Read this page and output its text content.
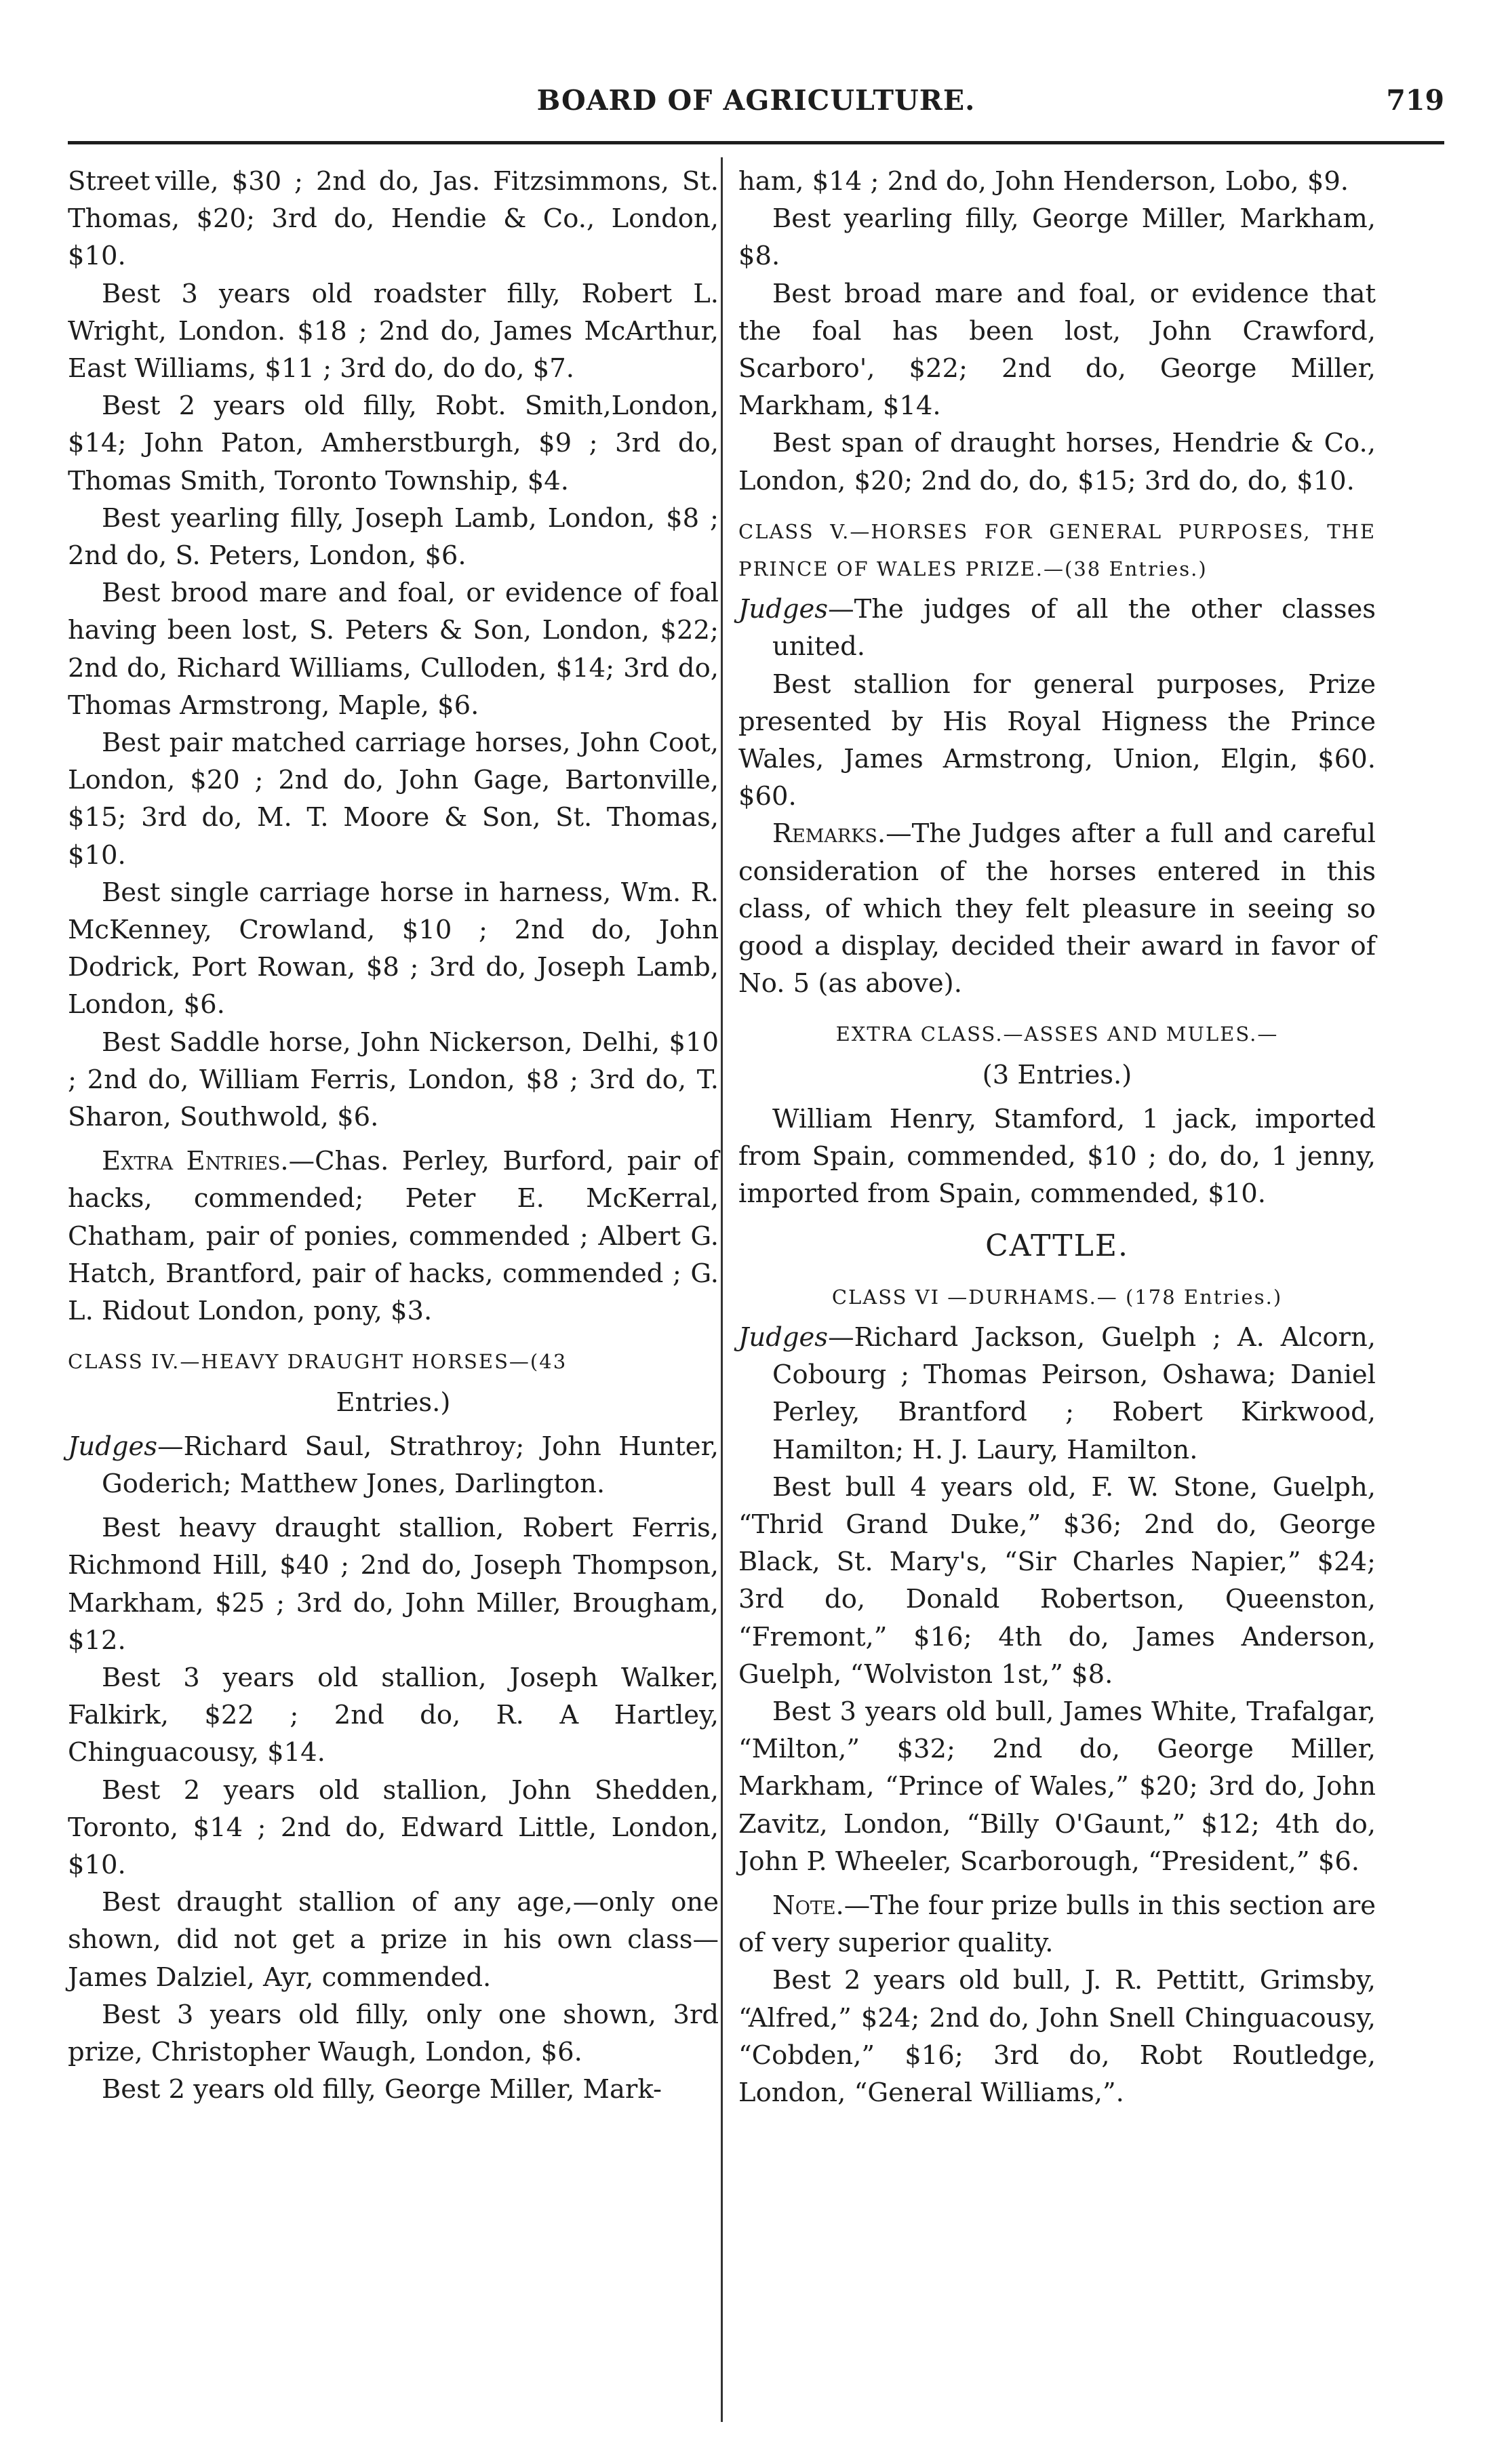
BOARD OF AGRICULTURE.	719

Street  ville, $30 ; 2nd do, Jas. Fitzsimmons, St. Thomas, $20; 3rd do, Hendie & Co., London, $10.

Best 3 years old roadster filly, Robert L. Wright, London. $18 ; 2nd do, James McArthur, East Williams, $11 ; 3rd do, do do, $7.

Best 2 years old filly, Robt. Smith,London, $14; John Paton, Amherstburgh, $9 ; 3rd do, Thomas Smith, Toronto Township, $4.

Best yearling filly, Joseph Lamb, London, $8 ; 2nd do, S. Peters, London, $6.

Best brood mare and foal, or evidence of foal having been lost, S. Peters & Son, London, $22; 2nd do, Richard Williams, Culloden, $14; 3rd do, Thomas Armstrong, Maple, $6.

Best pair matched carriage horses, John Coot, London, $20 ; 2nd do, John Gage, Bartonville, $15; 3rd do, M. T. Moore & Son, St. Thomas, $10.

Best single carriage horse in harness, Wm. R. McKenney, Crowland, $10 ; 2nd do, John Dodrick, Port Rowan, $8 ; 3rd do, Joseph Lamb, London, $6.

Best Saddle horse, John Nickerson, Delhi, $10 ; 2nd do, William Ferris, London, $8 ; 3rd do, T. Sharon, Southwold, $6.

Extra Entries.—Chas. Perley, Burford, pair of hacks, commended; Peter E. McKerral, Chatham, pair of ponies, commended ; Albert G. Hatch, Brantford, pair of hacks, commended ; G. L. Ridout London, pony, $3.

CLASS IV.—HEAVY DRAUGHT HORSES—(43

Entries.)

Judges—Richard Saul, Strathroy; John Hunter, Goderich; Matthew Jones, Darlington.

Best heavy draught stallion, Robert Ferris, Richmond Hill, $40 ; 2nd do, Joseph Thompson, Markham, $25 ; 3rd do, John Miller, Brougham, $12.

Best 3 years old stallion, Joseph Walker, Falkirk, $22 ; 2nd do, R. A Hartley, Chinguacousy, $14.

Best 2 years old stallion, John Shedden, Toronto, $14 ; 2nd do, Edward Little, London, $10.

Best draught stallion of any age,—only one shown, did not get a prize in his own class—James Dalziel, Ayr, commended.

Best 3 years old filly, only one shown, 3rd prize, Christopher Waugh, London, $6.

Best 2 years old filly, George Miller, Mark-

ham, $14 ; 2nd do, John Henderson, Lobo, $9.

Best yearling filly, George Miller, Markham, $8.

Best broad mare and foal, or evidence that the foal has been lost, John Crawford, Scarboro', $22; 2nd do, George Miller, Markham, $14.

Best span of draught horses, Hendrie & Co., London, $20; 2nd do, do, $15; 3rd do, do, $10.

CLASS V.—HORSES FOR GENERAL PURPOSES, THE PRINCE OF WALES PRIZE.—(38 Entries.)

Judges—The judges of all the other classes united.

Best stallion for general purposes, Prize presented by His Royal Higness the Prince Wales, James Armstrong, Union, Elgin, $60. $60.

Remarks.—The Judges after a full and careful consideration of the horses entered in this class, of which they felt pleasure in seeing so good a display, decided their award in favor of No. 5 (as above).

EXTRA CLASS.—ASSES AND MULES.—

(3 Entries.)

William Henry, Stamford, 1 jack, imported from Spain, commended, $10 ; do, do, 1 jenny, imported from Spain, commended, $10.

CATTLE.

CLASS VI —DURHAMS.— (178 Entries.)

Judges—Richard Jackson, Guelph ; A. Alcorn, Cobourg ; Thomas Peirson, Oshawa; Daniel Perley, Brantford ; Robert Kirkwood, Hamilton; H. J. Laury, Hamilton.

Best bull 4 years old, F. W. Stone, Guelph, “Thrid Grand Duke,” $36; 2nd do, George Black, St. Mary's, “Sir Charles Napier,” $24; 3rd do, Donald Robertson, Queenston, “Fremont,” $16; 4th do, James Anderson, Guelph, “Wolviston 1st,” $8.

Best 3 years old bull, James White, Trafalgar, “Milton,” $32; 2nd do, George Miller, Markham, “Prince of Wales,” $20; 3rd do, John Zavitz, London, “Billy O'Gaunt,” $12; 4th do, John P. Wheeler, Scarborough, “President,” $6.

Note.—The four prize bulls in this section are of very superior quality.

Best 2 years old bull, J. R. Pettitt, Grimsby, “Alfred,” $24; 2nd do, John Snell Chinguacousy, “Cobden,” $16; 3rd do, Robt Routledge, London, “General Williams,”.
